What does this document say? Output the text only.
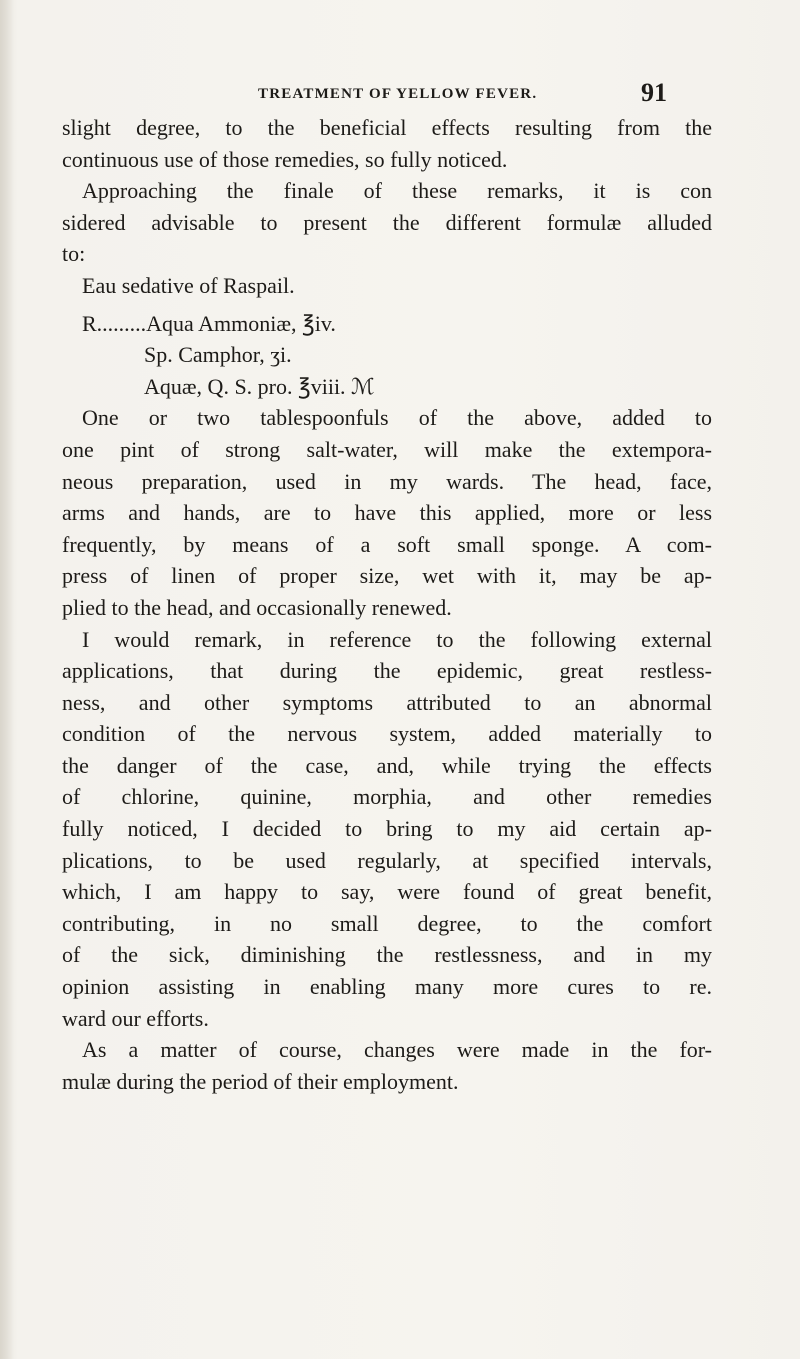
TREATMENT OF YELLOW FEVER.	91
slight degree, to the beneficial effects resulting from the
continuous use of those remedies, so fully noticed.
Approaching the finale of these remarks, it is con
sidered advisable to present the different formulæ alluded
to:
Eau sedative of Raspail.
R.........Aqua Ammoniæ, ℥iv.
Sp. Camphor, ʒi.
Aquæ, Q. S. pro. ℥viii. ℳ
One or two tablespoonfuls of the above, added to
one pint of strong salt-water, will make the extempora-
neous preparation, used in my wards. The head, face,
arms and hands, are to have this applied, more or less
frequently, by means of a soft small sponge. A com-
press of linen of proper size, wet with it, may be ap-
plied to the head, and occasionally renewed.
I would remark, in reference to the following external
applications, that during the epidemic, great restless-
ness, and other symptoms attributed to an abnormal
condition of the nervous system, added materially to
the danger of the case, and, while trying the effects
of chlorine, quinine, morphia, and other remedies
fully noticed, I decided to bring to my aid certain ap-
plications, to be used regularly, at specified intervals,
which, I am happy to say, were found of great benefit,
contributing, in no small degree, to the comfort
of the sick, diminishing the restlessness, and in my
opinion assisting in enabling many more cures to re.
ward our efforts.
As a matter of course, changes were made in the for-
mulæ during the period of their employment.
